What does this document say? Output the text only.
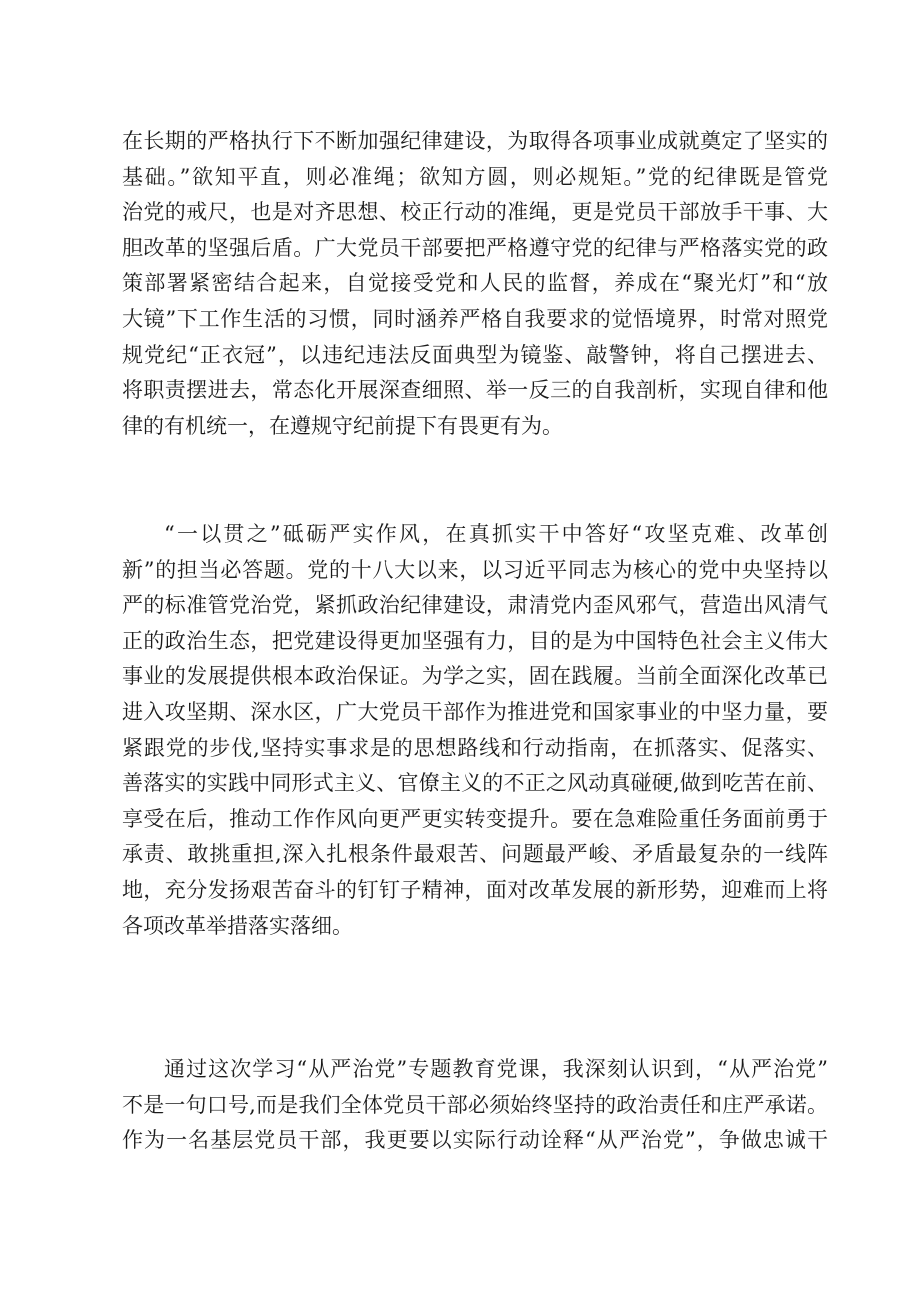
在长期的严格执行下不断加强纪律建设，为取得各项事业成就奠定了坚实的
基础。”欲知平直，则必准绳；欲知方圆，则必规矩。”党的纪律既是管党
治党的戒尺，也是对齐思想、校正行动的准绳，更是党员干部放手干事、大
胆改革的坚强后盾。广大党员干部要把严格遵守党的纪律与严格落实党的政
策部署紧密结合起来，自觉接受党和人民的监督，养成在“聚光灯”和“放
大镜”下工作生活的习惯，同时涵养严格自我要求的觉悟境界，时常对照党
规党纪“正衣冠”，以违纪违法反面典型为镜鉴、敲警钟，将自己摆进去、
将职责摆进去，常态化开展深查细照、举一反三的自我剖析，实现自律和他
律的有机统一，在遵规守纪前提下有畏更有为。
“一以贯之”砥砺严实作风，在真抓实干中答好“攻坚克难、改革创
新”的担当必答题。党的十八大以来，以习近平同志为核心的党中央坚持以
严的标准管党治党，紧抓政治纪律建设，肃清党内歪风邪气，营造出风清气
正的政治生态，把党建设得更加坚强有力，目的是为中国特色社会主义伟大
事业的发展提供根本政治保证。为学之实，固在践履。当前全面深化改革已
进入攻坚期、深水区，广大党员干部作为推进党和国家事业的中坚力量，要
紧跟党的步伐,坚持实事求是的思想路线和行动指南，在抓落实、促落实、
善落实的实践中同形式主义、官僚主义的不正之风动真碰硬,做到吃苦在前、
享受在后，推动工作作风向更严更实转变提升。要在急难险重任务面前勇于
承责、敢挑重担,深入扎根条件最艰苦、问题最严峻、矛盾最复杂的一线阵
地，充分发扬艰苦奋斗的钉钉子精神，面对改革发展的新形势，迎难而上将
各项改革举措落实落细。
通过这次学习“从严治党”专题教育党课，我深刻认识到，“从严治党”
不是一句口号,而是我们全体党员干部必须始终坚持的政治责任和庄严承诺。
作为一名基层党员干部，我更要以实际行动诠释“从严治党”，争做忠诚干
